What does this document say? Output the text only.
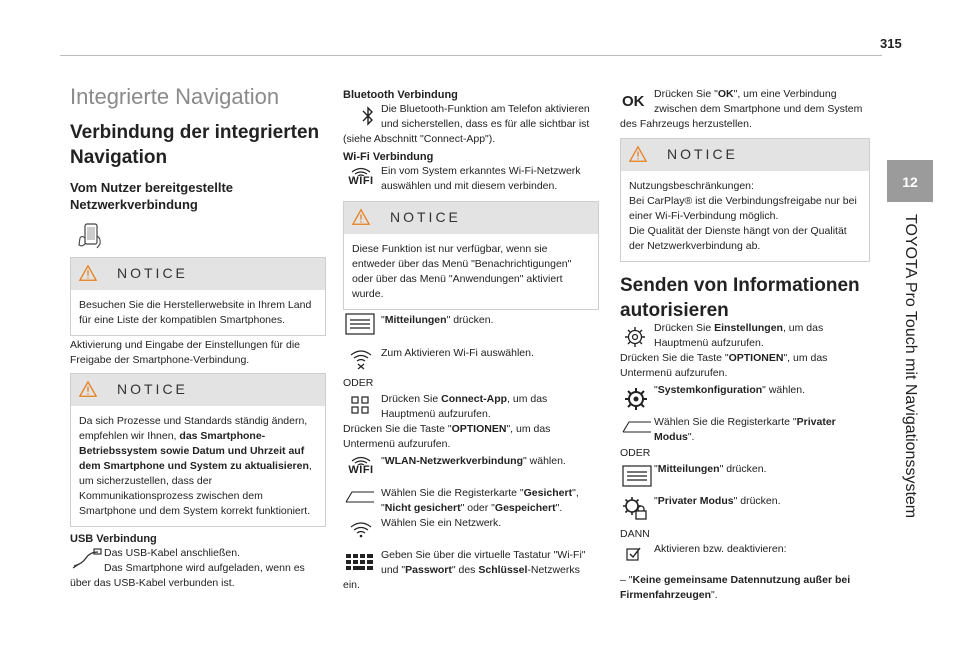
315
12
TOYOTA Pro Touch mit Navigationssystem
Integrierte Navigation
Verbindung der integrierten
Navigation
Vom Nutzer bereitgestellte
Netzwerkverbindung
NOTICE
Besuchen Sie die Herstellerwebsite in Ihrem Land für eine Liste der kompatiblen Smartphones.
Aktivierung und Eingabe der Einstellungen für die Freigabe der Smartphone-Verbindung.
NOTICE
Da sich Prozesse und Standards ständig ändern, empfehlen wir Ihnen, das Smartphone-Betriebssystem sowie Datum und Uhrzeit auf dem Smartphone und System zu aktualisieren, um sicherzustellen, dass der Kommunikationsprozess zwischen dem Smartphone und dem System korrekt funktioniert.
USB Verbindung
Das USB-Kabel anschließen.
Das Smartphone wird aufgeladen, wenn es
über das USB-Kabel verbunden ist.
Bluetooth Verbindung
Die Bluetooth-Funktion am Telefon aktivieren
und sicherstellen, dass es für alle sichtbar ist
(siehe Abschnitt "Connect-App").
Wi-Fi Verbindung
WIFI
Ein vom System erkanntes Wi-Fi-Netzwerk
auswählen und mit diesem verbinden.
NOTICE
Diese Funktion ist nur verfügbar, wenn sie entweder über das Menü "Benachrichtigungen" oder über das Menü "Anwendungen" aktiviert wurde.
"Mitteilungen" drücken.
Zum Aktivieren Wi-Fi auswählen.
ODER
Drücken Sie Connect-App, um das
Hauptmenü aufzurufen.
Drücken Sie die Taste "OPTIONEN", um das
Untermenü aufzurufen.
WIFI
"WLAN-Netzwerkverbindung" wählen.
Wählen Sie die Registerkarte "Gesichert",
"Nicht gesichert" oder "Gespeichert".
Wählen Sie ein Netzwerk.
Geben Sie über die virtuelle Tastatur "Wi-Fi"
und "Passwort" des Schlüssel-Netzwerks
ein.
OK Drücken Sie "OK", um eine Verbindung
zwischen dem Smartphone und dem System
des Fahrzeugs herzustellen.
NOTICE
Nutzungsbeschränkungen:
Bei CarPlay® ist die Verbindungsfreigabe nur bei einer Wi-Fi-Verbindung möglich.
Die Qualität der Dienste hängt von der Qualität der Netzwerkverbindung ab.
Senden von Informationen
autorisieren
Drücken Sie Einstellungen, um das
Hauptmenü aufzurufen.
Drücken Sie die Taste "OPTIONEN", um das
Untermenü aufzurufen.
"Systemkonfiguration" wählen.
Wählen Sie die Registerkarte "Privater
Modus".
ODER
"Mitteilungen" drücken.
"Privater Modus" drücken.
DANN
Aktivieren bzw. deaktivieren:
– "Keine gemeinsame Datennutzung außer bei
Firmenfahrzeugen".
